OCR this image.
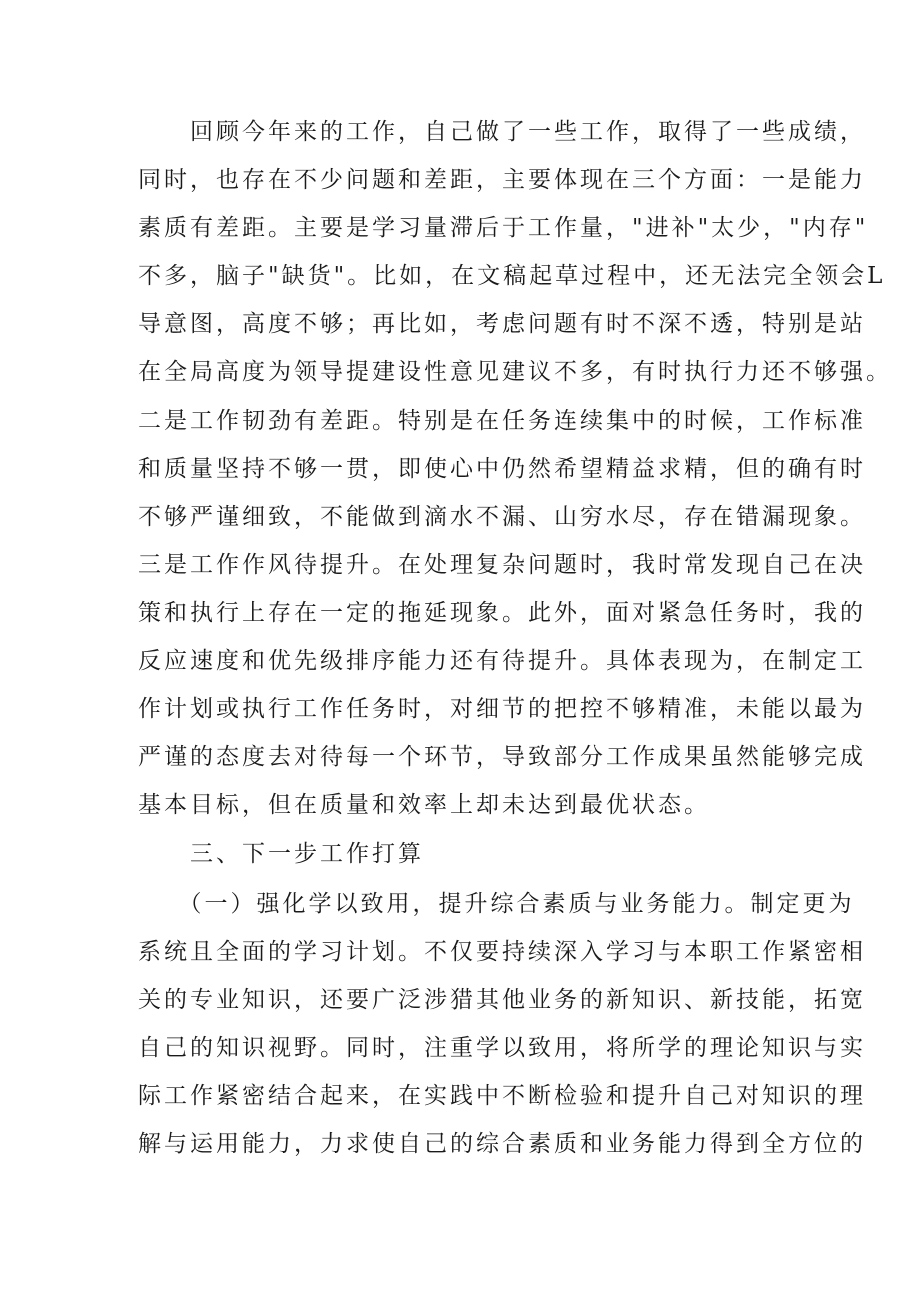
　　回顾今年来的工作，自己做了一些工作，取得了一些成绩，
同时，也存在不少问题和差距，主要体现在三个方面：一是能力
素质有差距。主要是学习量滞后于工作量，"进补"太少，"内存"
不多，脑子"缺货"。比如，在文稿起草过程中，还无法完全领会L
导意图，高度不够；再比如，考虑问题有时不深不透，特别是站
在全局高度为领导提建设性意见建议不多，有时执行力还不够强。
二是工作韧劲有差距。特别是在任务连续集中的时候，工作标准
和质量坚持不够一贯，即使心中仍然希望精益求精，但的确有时
不够严谨细致，不能做到滴水不漏、山穷水尽，存在错漏现象。
三是工作作风待提升。在处理复杂问题时，我时常发现自己在决
策和执行上存在一定的拖延现象。此外，面对紧急任务时，我的
反应速度和优先级排序能力还有待提升。具体表现为，在制定工
作计划或执行工作任务时，对细节的把控不够精准，未能以最为
严谨的态度去对待每一个环节，导致部分工作成果虽然能够完成
基本目标，但在质量和效率上却未达到最优状态。
三、下一步工作打算
　　（一）强化学以致用，提升综合素质与业务能力。制定更为
系统且全面的学习计划。不仅要持续深入学习与本职工作紧密相
关的专业知识，还要广泛涉猎其他业务的新知识、新技能，拓宽
自己的知识视野。同时，注重学以致用，将所学的理论知识与实
际工作紧密结合起来，在实践中不断检验和提升自己对知识的理
解与运用能力，力求使自己的综合素质和业务能力得到全方位的
